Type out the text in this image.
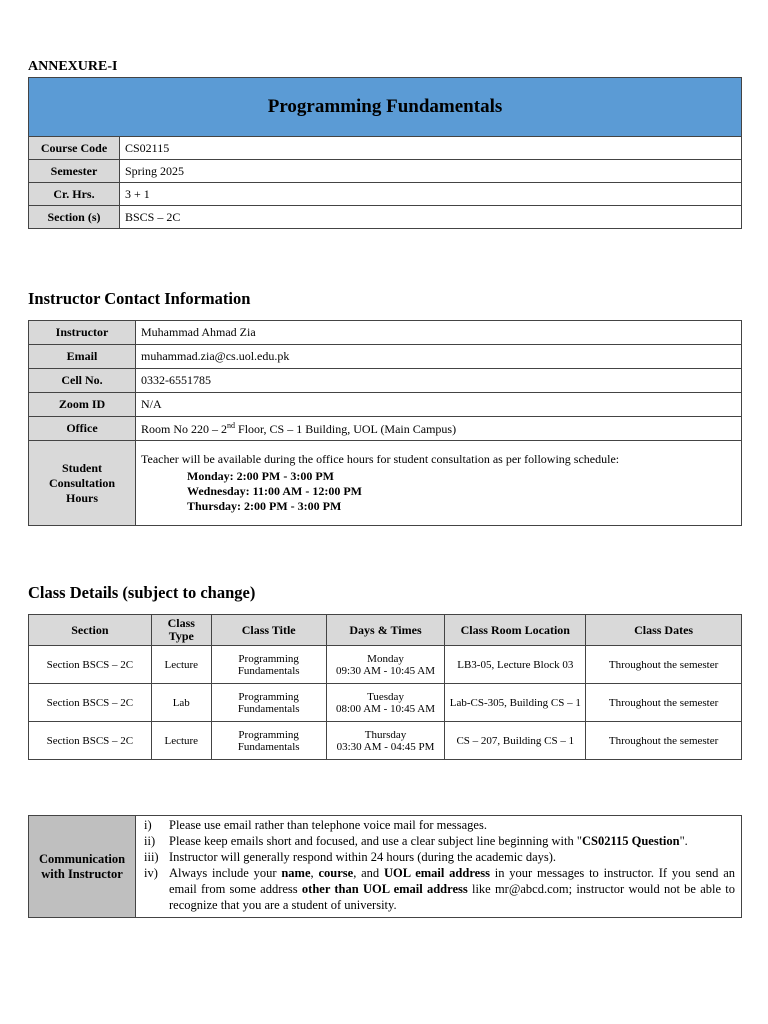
ANNEXURE-I
Programming Fundamentals	
Course Code	CS02115
Semester	Spring 2025
Cr. Hrs.	3 + 1
Section (s)	BSCS – 2C
Instructor Contact Information
Instructor	Muhammad Ahmad Zia
Email	muhammad.zia@cs.uol.edu.pk
Cell No.	0332-6551785
Zoom ID	N/A
Office	Room No 220 – 2nd Floor, CS – 1 Building, UOL (Main Campus)
Student Consultation Hours	Teacher will be available during the office hours for student consultation as per following schedule:
Monday: 2:00 PM - 3:00 PM
Wednesday: 11:00 AM - 12:00 PM
Thursday: 2:00 PM - 3:00 PM
Class Details (subject to change)
Section	Class Type	Class Title	Days & Times	Class Room Location	Class Dates
Section BSCS – 2C	Lecture	Programming Fundamentals	Monday
09:30 AM - 10:45 AM	LB3-05, Lecture Block 03	Throughout the semester
Section BSCS – 2C	Lab	Programming Fundamentals	Tuesday
08:00 AM - 10:45 AM	Lab-CS-305, Building CS – 1	Throughout the semester
Section BSCS – 2C	Lecture	Programming Fundamentals	Thursday
03:30 AM - 04:45 PM	CS – 207, Building CS – 1	Throughout the semester
Communication with Instructor	
i)	Please use email rather than telephone voice mail for messages.
ii)	Please keep emails short and focused, and use a clear subject line beginning with "CS02115 Question".
iii) Instructor will generally respond within 24 hours (during the academic days).
iv) Always include your name, course, and UOL email address in your messages to instructor. If you send an email from some address other than UOL email address like mr@abcd.com; instructor would not be able to recognize that you are a student of university.
